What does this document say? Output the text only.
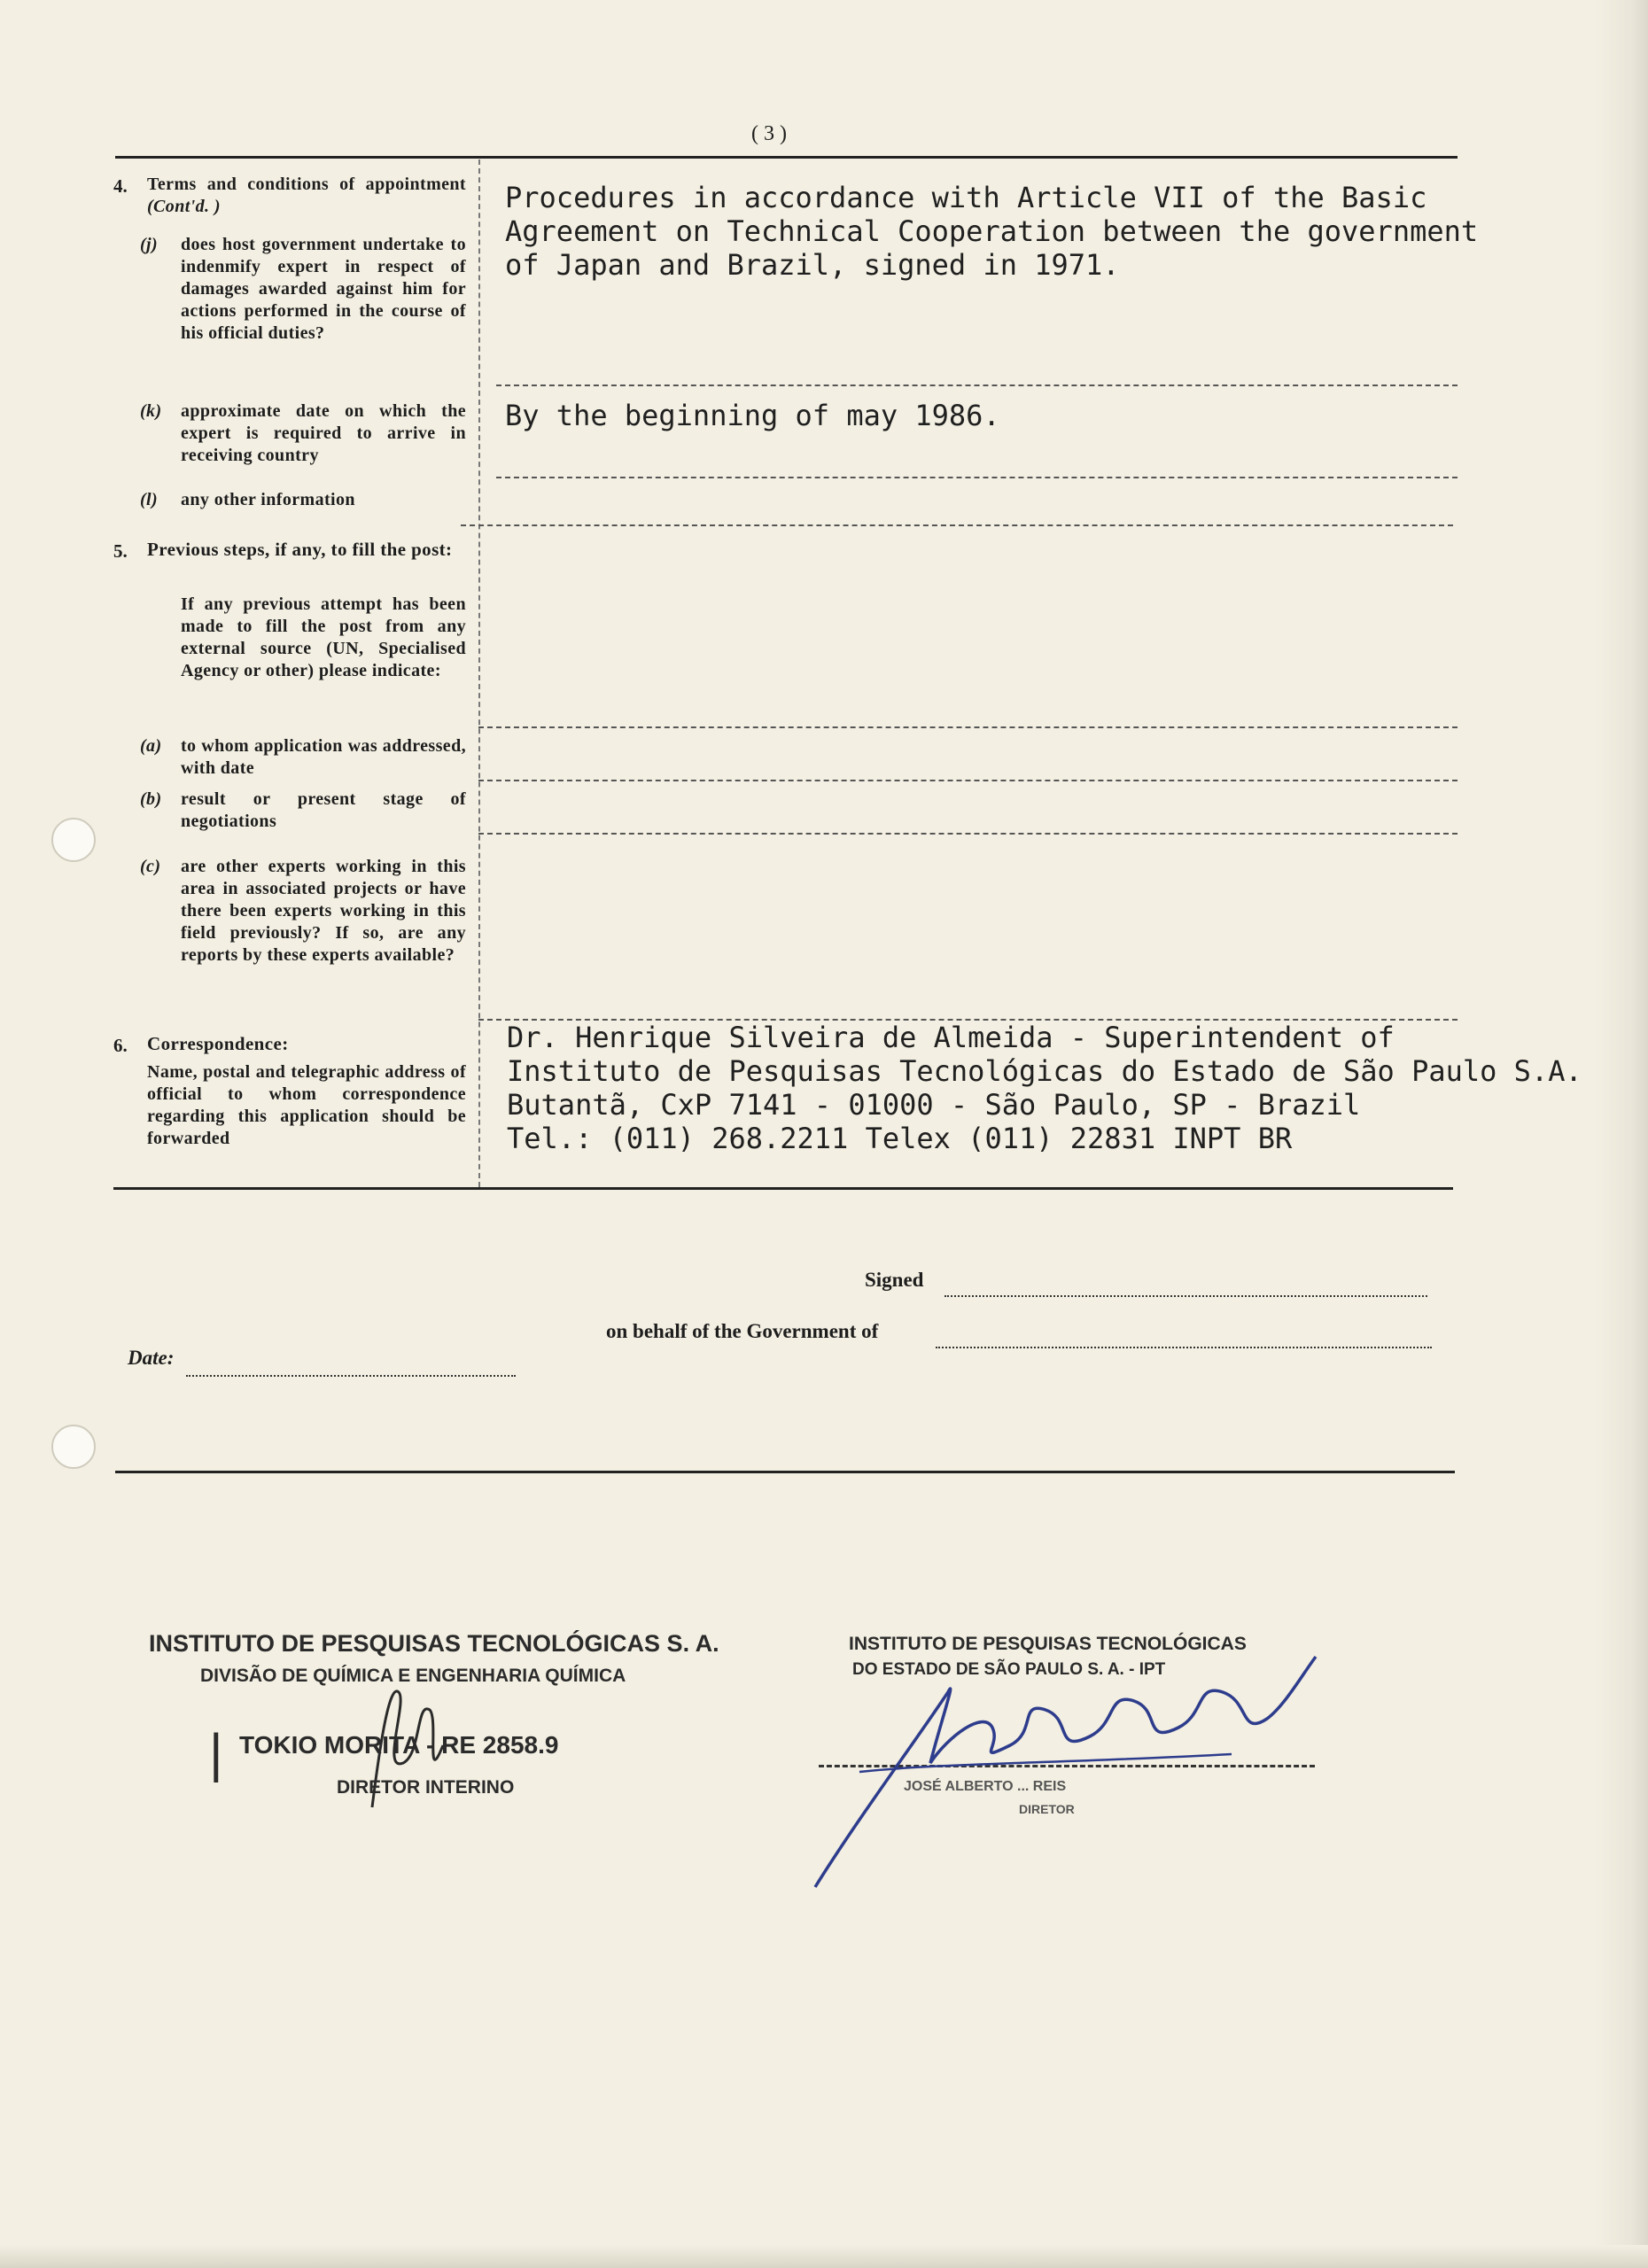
( 3 )
4. Terms and conditions of appointment (Cont'd. )
(j) does host government undertake to indenmify expert in respect of damages awarded against him for actions performed in the course of his official duties?
Procedures in accordance with Article VII of the Basic
Agreement on Technical Cooperation between the government
of Japan and Brazil, signed in 1971.
(k) approximate date on which the expert is required to arrive in receiving country
By the beginning of may 1986.
(l) any other information
5. Previous steps, if any, to fill the post:
If any previous attempt has been made to fill the post from any external source (UN, Specialised Agency or other) please indicate:
(a) to whom application was addressed, with date
(b) result or present stage of negotiations
(c) are other experts working in this area in associated projects or have there been experts working in this field previously? If so, are any reports by these experts available?
6. Correspondence:
Name, postal and telegraphic address of official to whom correspondence regarding this application should be forwarded
Dr. Henrique Silveira de Almeida - Superintendent of
Instituto de Pesquisas Tecnológicas do Estado de São Paulo S.A.
Butantã, CxP 7141 - 01000 - São Paulo, SP - Brazil
Tel.: (011) 268.2211 Telex (011) 22831 INPT BR
Signed
on behalf of the Government of
Date:
INSTITUTO DE PESQUISAS TECNOLÓGICAS S. A.
DIVISÃO DE QUÍMICA E ENGENHARIA QUÍMICA
TOKIO MORITA - RE 2858.9
DIRETOR INTERINO
|
INSTITUTO DE PESQUISAS TECNOLÓGICAS
DO ESTADO DE SÃO PAULO S. A. - IPT
JOSÉ ALBERTO ... REIS
DIRETOR
